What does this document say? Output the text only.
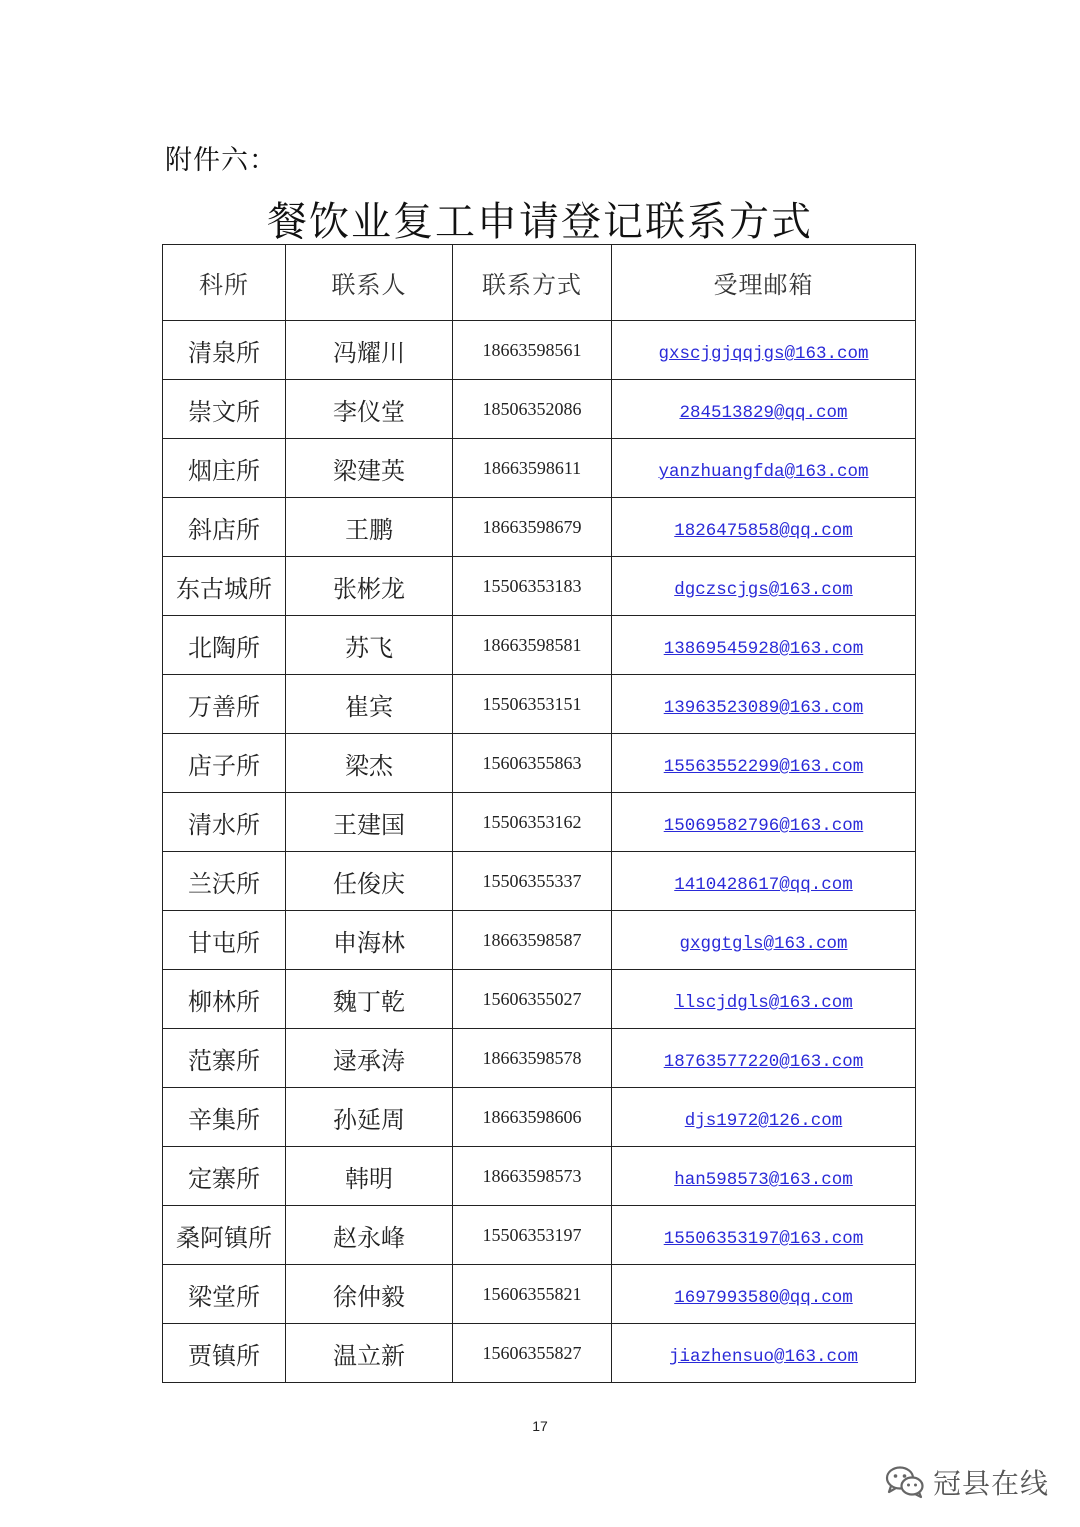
附件六：
餐饮业复工申请登记联系方式
科所	联系人	联系方式	受理邮箱
清泉所	冯耀川	18663598561	gxscjgjqqjgs@163.com
崇文所	李仪堂	18506352086	284513829@qq.com
烟庄所	梁建英	18663598611	yanzhuangfda@163.com
斜店所	王鹏	18663598679	1826475858@qq.com
东古城所	张彬龙	15506353183	dgczscjgs@163.com
北陶所	苏飞	18663598581	13869545928@163.com
万善所	崔宾	15506353151	13963523089@163.com
店子所	梁杰	15606355863	15563552299@163.com
清水所	王建国	15506353162	15069582796@163.com
兰沃所	任俊庆	15506355337	1410428617@qq.com
甘屯所	申海林	18663598587	gxggtgls@163.com
柳林所	魏丁乾	15606355027	llscjdgls@163.com
范寨所	逯承涛	18663598578	18763577220@163.com
辛集所	孙延周	18663598606	djs1972@126.com
定寨所	韩明	18663598573	han598573@163.com
桑阿镇所	赵永峰	15506353197	15506353197@163.com
梁堂所	徐仲毅	15606355821	1697993580@qq.com
贾镇所	温立新	15606355827	jiazhensuo@163.com
17
冠县在线
